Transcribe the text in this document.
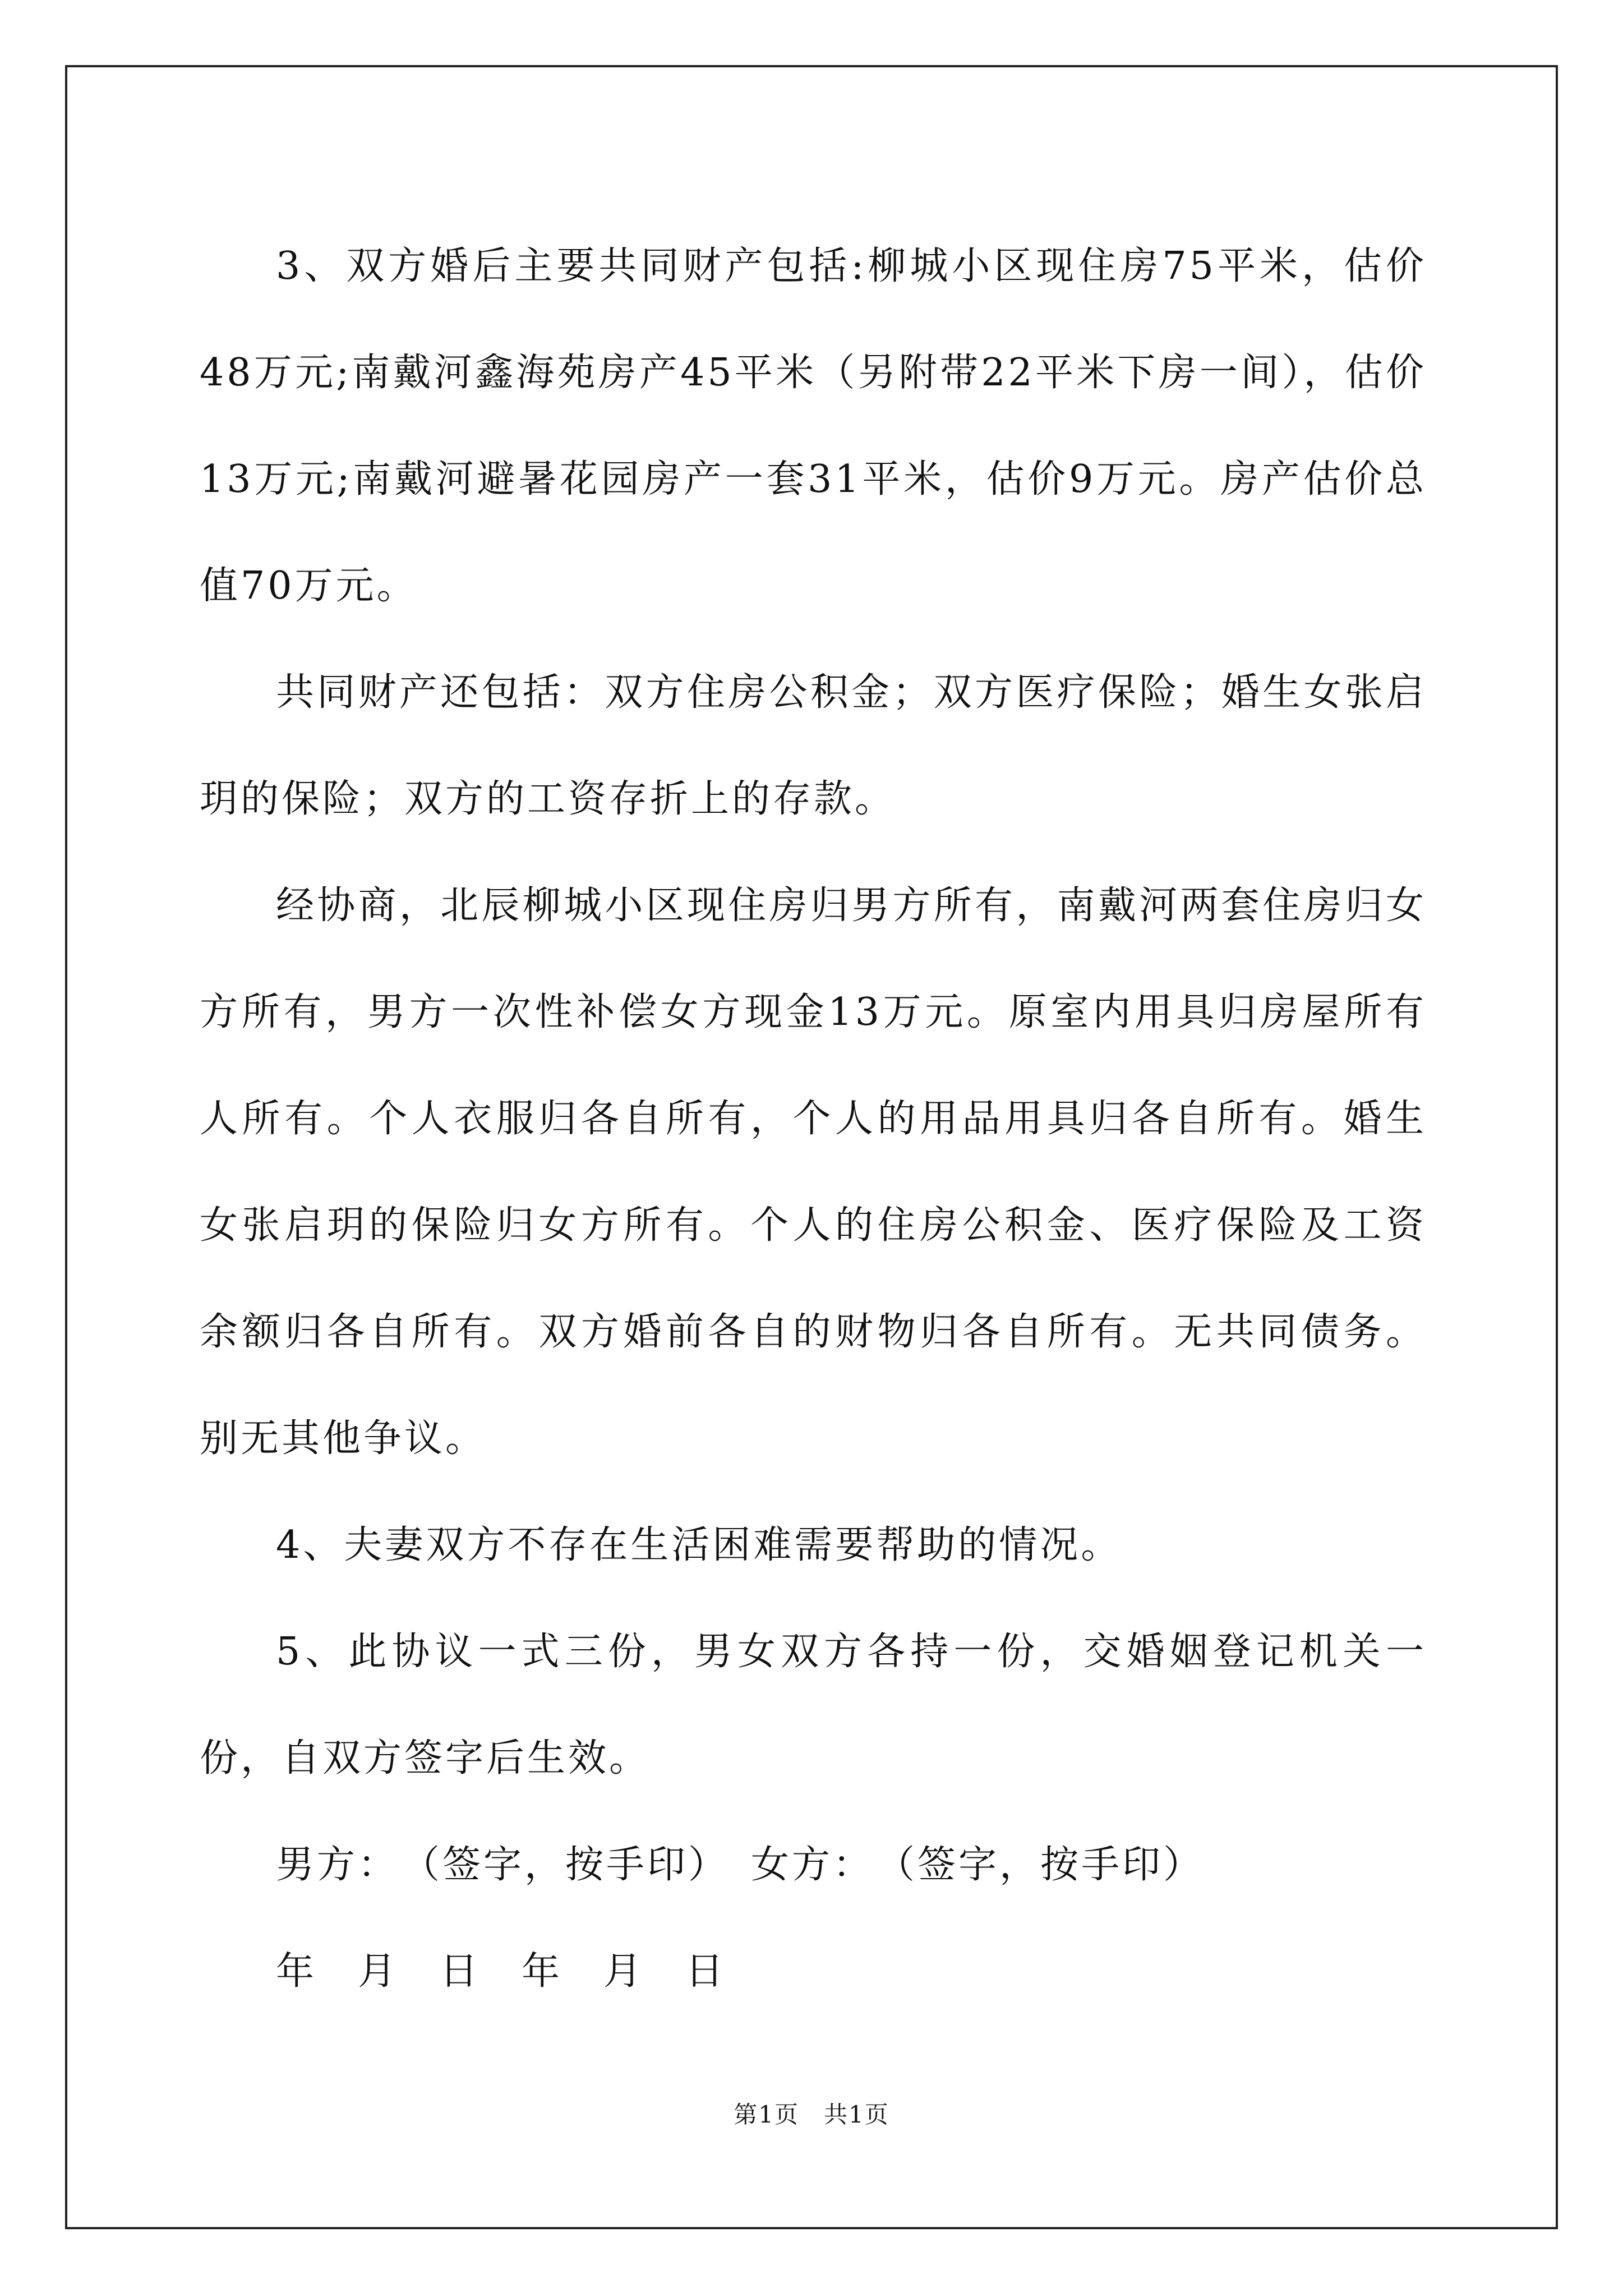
3、双方婚后主要共同财产包括:柳城小区现住房75平米，估价48万元;南戴河鑫海苑房产45平米（另附带22平米下房一间），估价13万元;南戴河避暑花园房产一套31平米，估价9万元。房产估价总值70万元。

共同财产还包括：双方住房公积金；双方医疗保险；婚生女张启玥的保险；双方的工资存折上的存款。

经协商，北辰柳城小区现住房归男方所有，南戴河两套住房归女方所有，男方一次性补偿女方现金13万元。原室内用具归房屋所有人所有。个人衣服归各自所有，个人的用品用具归各自所有。婚生女张启玥的保险归女方所有。个人的住房公积金、医疗保险及工资余额归各自所有。双方婚前各自的财物归各自所有。无共同债务。别无其他争议。

4、夫妻双方不存在生活困难需要帮助的情况。

5、此协议一式三份，男女双方各持一份，交婚姻登记机关一份，自双方签字后生效。

男方：　（签字，按手印）　女方：　（签字，按手印）

年　月　日　年　月　日

第1页　共1页
